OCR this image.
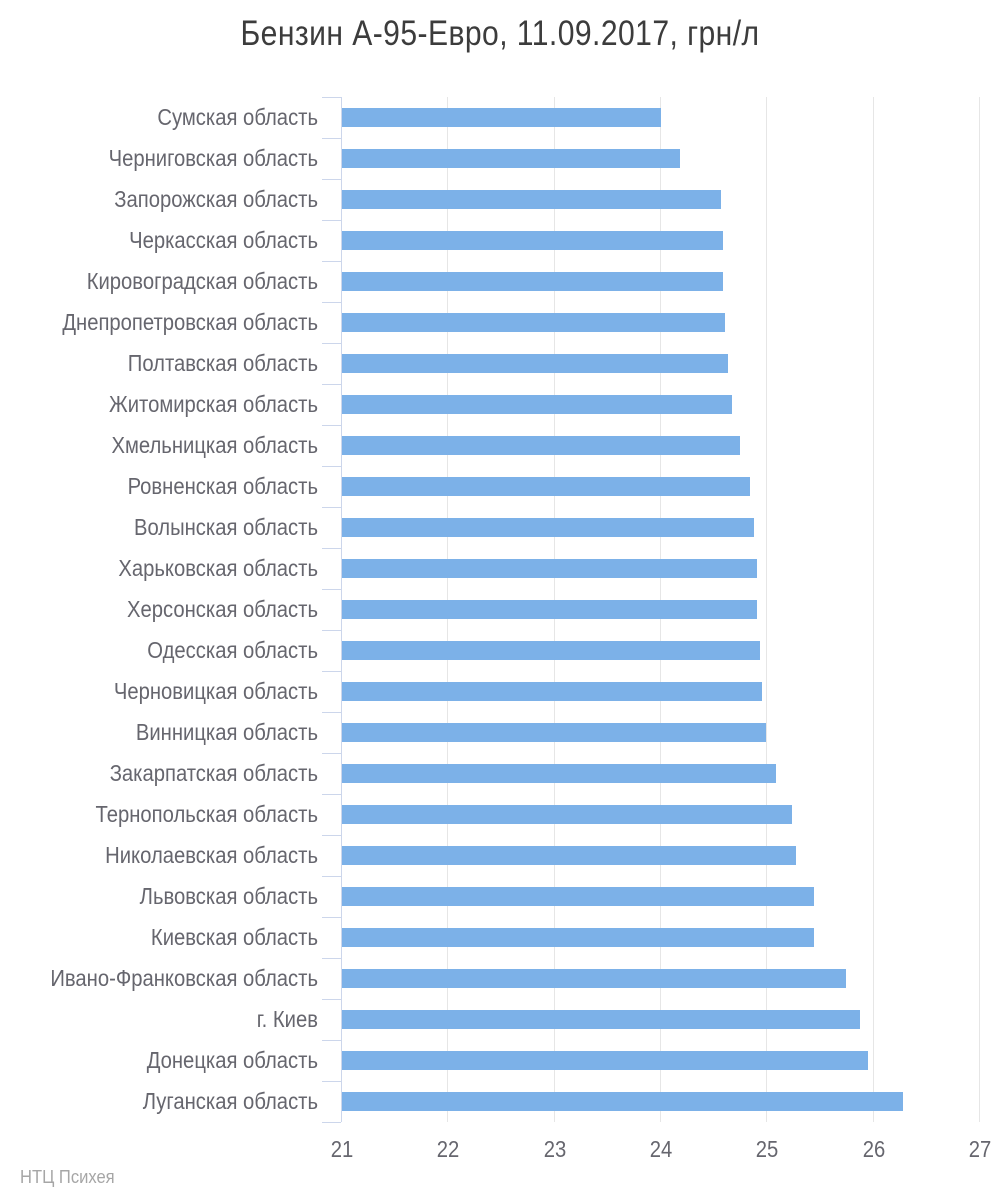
Бензин А-95-Евро, 11.09.2017, грн/л
Сумская область
Черниговская область
Запорожская область
Черкасская область
Кировоградская область
Днепропетровская область
Полтавская область
Житомирская область
Хмельницкая область
Ровненская область
Волынская область
Харьковская область
Херсонская область
Одесская область
Черновицкая область
Винницкая область
Закарпатская область
Тернопольская область
Николаевская область
Львовская область
Киевская область
Ивано-Франковская область
г. Киев
Донецкая область
Луганская область
21	22	23	24	25	26	27
НТЦ Психея
